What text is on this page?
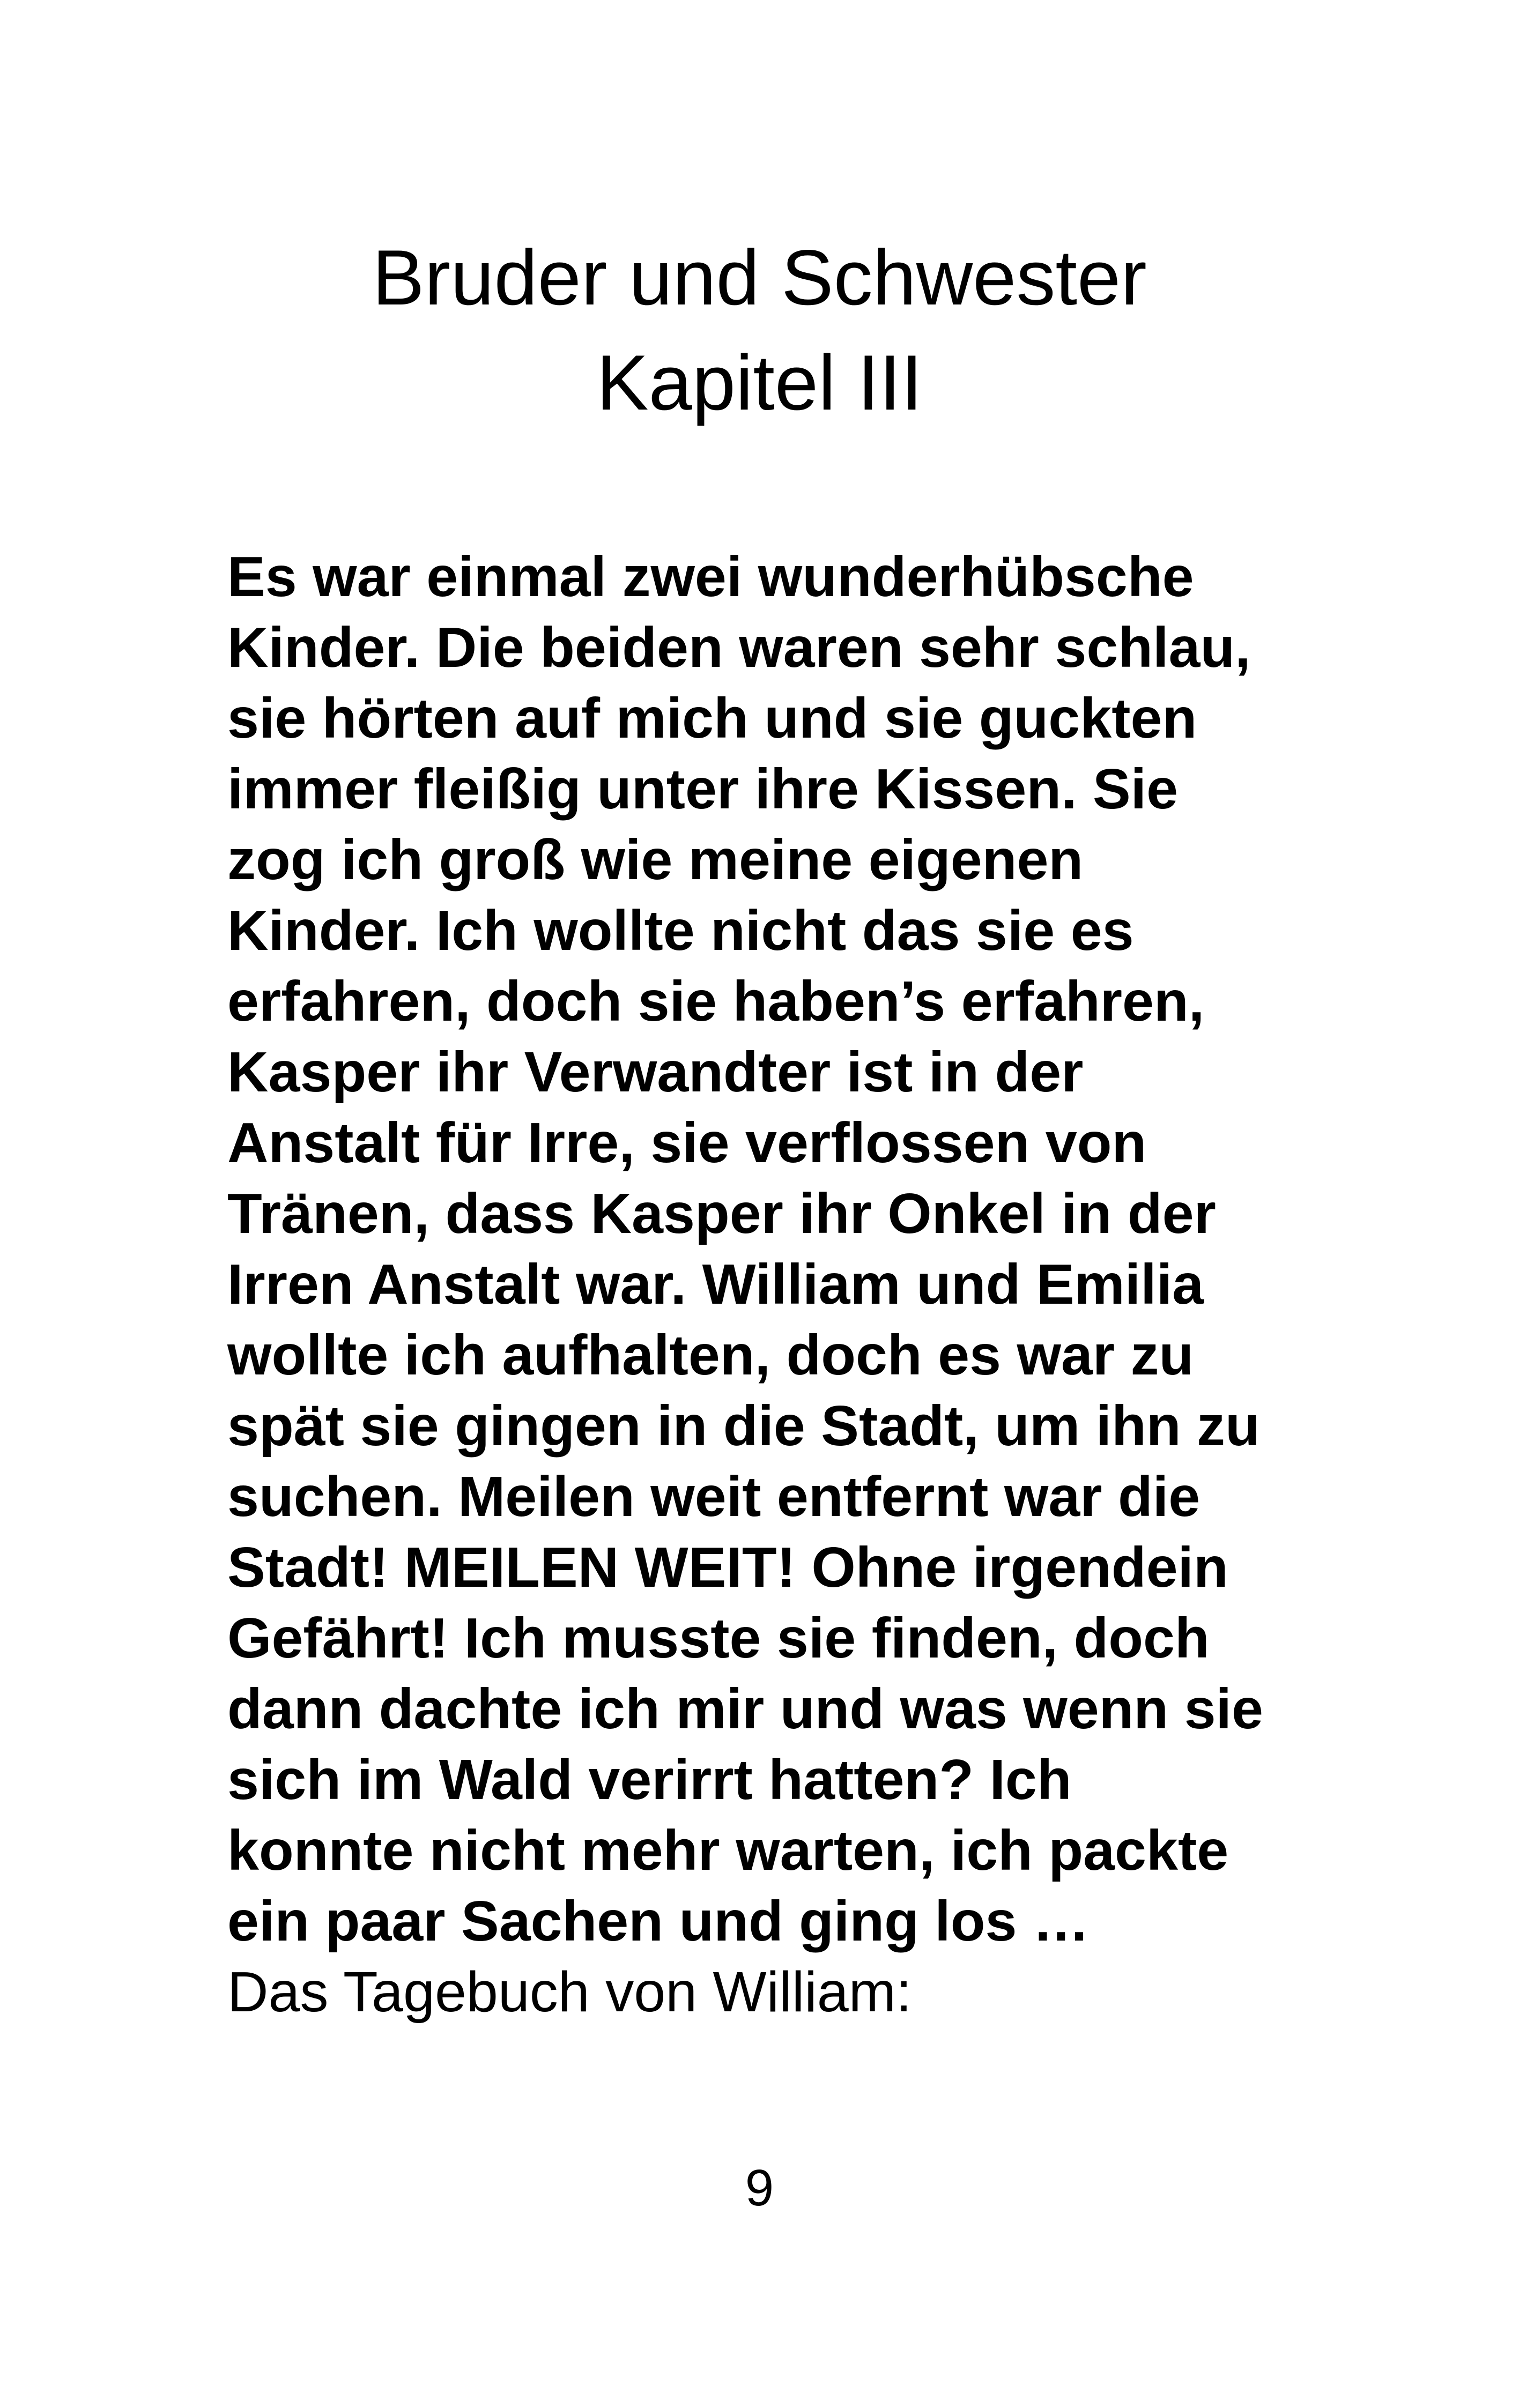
Bruder und Schwester
Kapitel III
Es war einmal zwei wunderhübsche
Kinder. Die beiden waren sehr schlau,
sie hörten auf mich und sie guckten
immer fleißig unter ihre Kissen. Sie
zog ich groß wie meine eigenen
Kinder. Ich wollte nicht das sie es
erfahren, doch sie haben’s erfahren,
Kasper ihr Verwandter ist in der
Anstalt für Irre, sie verflossen von
Tränen, dass Kasper ihr Onkel in der
Irren Anstalt war. William und Emilia
wollte ich aufhalten, doch es war zu
spät sie gingen in die Stadt, um ihn zu
suchen. Meilen weit entfernt war die
Stadt! MEILEN WEIT! Ohne irgendein
Gefährt! Ich musste sie finden, doch
dann dachte ich mir und was wenn sie
sich im Wald verirrt hatten? Ich
konnte nicht mehr warten, ich packte
ein paar Sachen und ging los …
Das Tagebuch von William:
9
